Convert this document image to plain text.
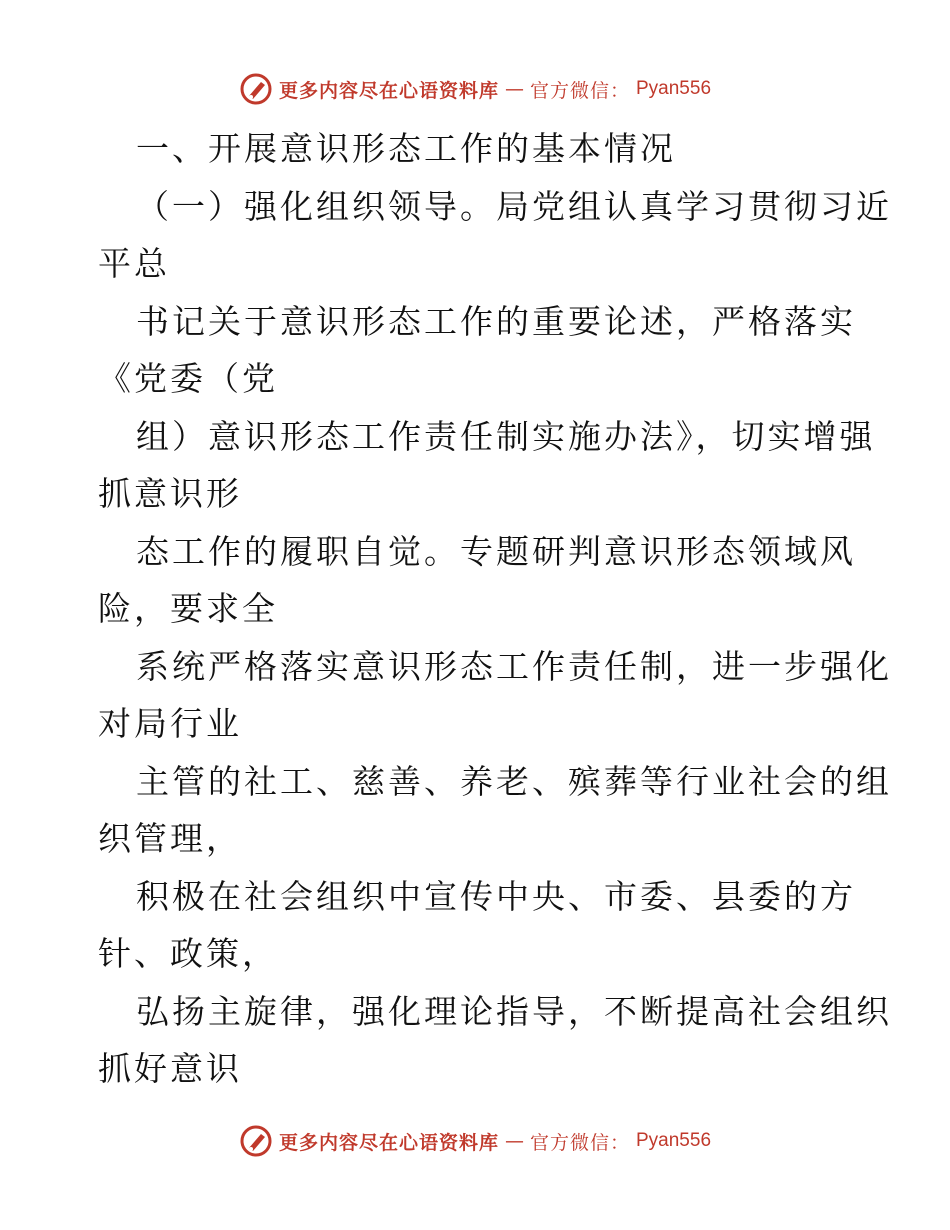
更多内容尽在心语资料库 — 官方微信： Pyan556
一、开展意识形态工作的基本情况
（一）强化组织领导。局党组认真学习贯彻习近
平总
书记关于意识形态工作的重要论述，严格落实
《党委（党
组）意识形态工作责任制实施办法》，切实增强
抓意识形
态工作的履职自觉。专题研判意识形态领域风
险，要求全
系统严格落实意识形态工作责任制，进一步强化
对局行业
主管的社工、慈善、养老、殡葬等行业社会的组
织管理，
积极在社会组织中宣传中央、市委、县委的方
针、政策，
弘扬主旋律，强化理论指导，不断提高社会组织
抓好意识
更多内容尽在心语资料库 — 官方微信： Pyan556
